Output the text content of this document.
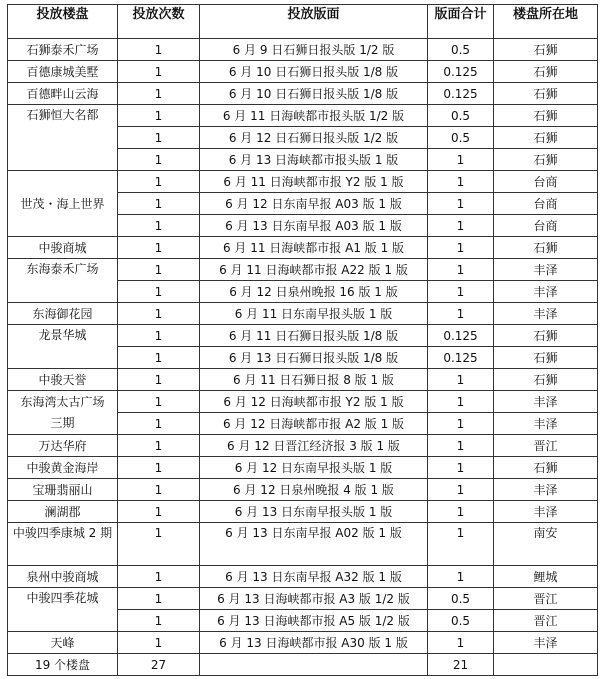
投放楼盘	投放次数	投放版面	版面合计	楼盘所在地
石狮泰禾广场	1	6 月 9 日石狮日报头版 1/2 版	0.5	石狮
百德康城美墅	1	6 月 10 日石狮日报头版 1/8 版	0.125	石狮
百德畔山云海	1	6 月 10 日石狮日报头版 1/8 版	0.125	石狮
石狮恒大名都	1	6 月 11 日海峡都市报头版 1/2 版	0.5	石狮
	1	6 月 12 日石狮日报头版 1/2 版	0.5	石狮
	1	6 月 13 日海峡都市报头版 1 版	1	石狮
世茂・海上世界	1	6 月 11 日海峡都市报 Y2 版 1 版	1	台商
	1	6 月 12 日东南早报 A03 版 1 版	1	台商
	1	6 月 13 日东南早报 A03 版 1 版	1	台商
中骏商城	1	6 月 11 日海峡都市报 A1 版 1 版	1	石狮
东海泰禾广场	1	6 月 11 日海峡都市报 A22 版 1 版	1	丰泽
	1	6 月 12 日泉州晚报 16 版 1 版	1	丰泽
东海御花园	1	6 月 11 日东南早报头版 1 版	1	丰泽
龙景华城	1	6 月 11 日石狮日报头版 1/8 版	0.125	石狮
	1	6 月 13 日石狮日报头版 1/8 版	0.125	石狮
中骏天誉	1	6 月 11 日石狮日报 8 版 1 版	1	石狮
东海湾太古广场	1	6 月 12 日海峡都市报 Y2 版 1 版	1	丰泽
三期	1	6 月 12 日海峡都市报 A2 版 1 版	1	丰泽
万达华府	1	6 月 12 日晋江经济报 3 版 1 版	1	晋江
中骏黄金海岸	1	6 月 12 日东南早报头版 1 版	1	石狮
宝珊翡丽山	1	6 月 12 日泉州晚报 4 版 1 版	1	丰泽
澜湖郡	1	6 月 13 日东南早报头版 1 版	1	丰泽
中骏四季康城 2 期	1	6 月 13 日东南早报 A02 版 1 版	1	南安
泉州中骏商城	1	6 月 13 日东南早报 A32 版 1 版	1	鲤城
中骏四季花城	1	6 月 13 日海峡都市报 A3 版 1/2 版	0.5	晋江
	1	6 月 13 日海峡都市报 A5 版 1/2 版	0.5	晋江
天峰	1	6 月 13 日海峡都市报 A30 版 1 版	1	丰泽
19 个楼盘	27		21	
